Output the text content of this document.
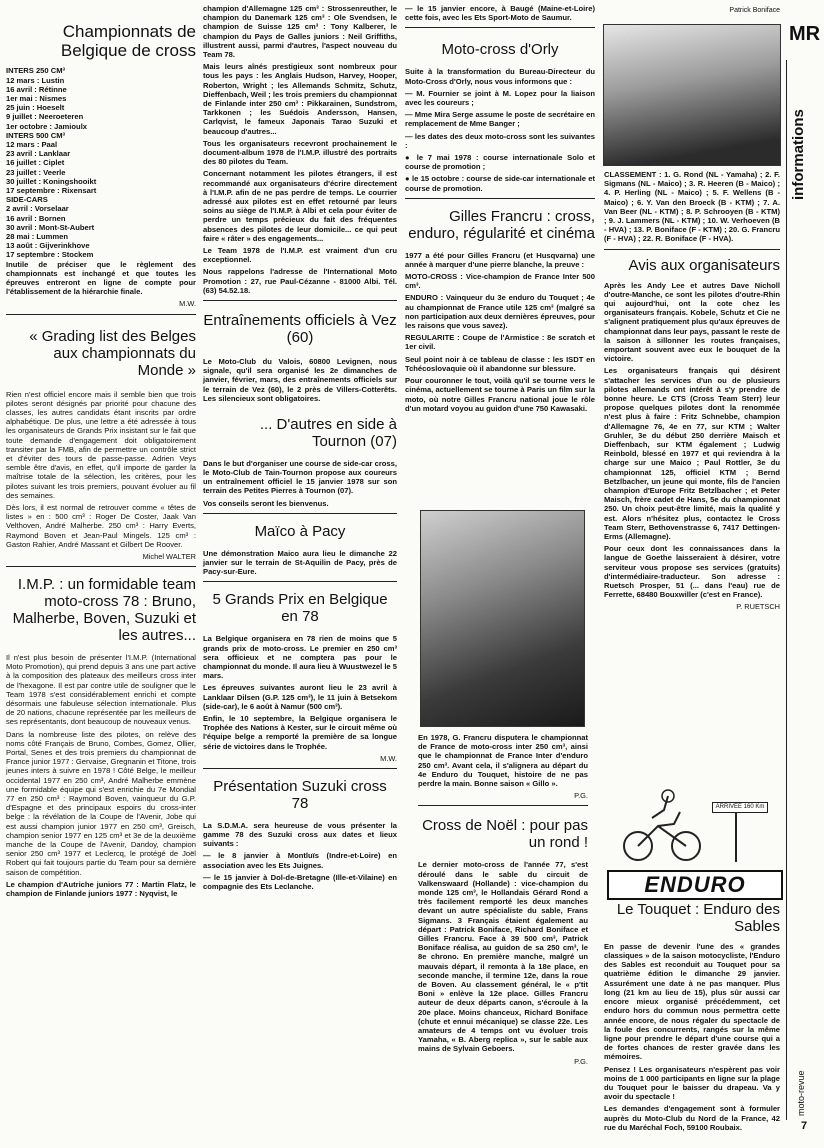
Championnats de Belgique de cross
INTERS 250 CM³
12 mars : Lustin
16 avril : Rétinne
1er mai : Nismes
25 juin : Hoeselt
9 juillet : Neeroeteren
1er octobre : Jamioulx
INTERS 500 CM³
12 mars : Paal
23 avril : Lanklaar
16 juillet : Ciplet
23 juillet : Veerle
30 juillet : Koningshooikt
17 septembre : Rixensart
SIDE-CARS
2 avril : Vorselaar
16 avril : Bornen
30 avril : Mont-St-Aubert
28 mai : Lummen
13 août : Gijverinkhove
17 septembre : Stockem

Inutile de préciser que le règlement des championnats est inchangé et que toutes les épreuves entreront en ligne de compte pour l'établissement de la hiérarchie finale.

M.W.
« Grading list des Belges aux championnats du Monde »

Rien n'est officiel encore mais il semble bien que trois pilotes seront désignés par priorité pour chacune des classes, les autres candidats étant inscrits par ordre alphabétique. De plus, une lettre a été adressée à tous les organisateurs de Grands Prix insistant sur le fait que toute demande d'engagement doit obligatoirement transiter par la FMB, afin de permettre un contrôle strict et d'éviter des tours de passe-passe. Adrien Veys semble être d'avis, en effet, qu'il importe de garder la maîtrise totale de la sélection, les critères, pour les pilotes suivant les trois premiers, pouvant évoluer au fil des semaines.

Dès lors, il est normal de retrouver comme « têtes de listes » en : 500 cm³ : Roger De Coster, Jaak Van Velthoven, André Malherbe. 250 cm³ : Harry Everts, Raymond Boven et Jean-Paul Mingels. 125 cm³ : Gaston Rahier, André Massant et Gilbert De Roover.

Michel WALTER
I.M.P. : un formidable team moto-cross 78 : Bruno, Malherbe, Boven, Suzuki et les autres...

Il n'est plus besoin de présenter l'I.M.P. (International Moto Promotion), qui prend depuis 3 ans une part active à la composition des plateaux des meilleurs cross inter de l'hexagone. Il est par contre utile de souligner que le Team 1978 s'est considérablement enrichi et compte désormais une fabuleuse sélection internationale. Plus de 20 nations, chacune représentée par les meilleurs de ses représentants, dont beaucoup de nouveaux venus.

Dans la nombreuse liste des pilotes, on relève des noms côté Français de Bruno, Combes, Gomez, Ollier, Portal, Senes et des trois premiers du championnat de France junior 1977 : Gervaise, Gregnanin et Titone, trois jeunes inters à suivre en 1978 ! Côté Belge, le meilleur occidental 1977 en 250 cm³, André Malherbe emmène une formidable équipe qui s'est enrichie du 7e Mondial 77 en 250 cm³ : Raymond Boven, vainqueur du G.P. d'Espagne et des principaux espoirs du cross-inter belge : la révélation de la Coupe de l'Avenir, Jobe qui est aussi champion junior 1977 en 250 cm³, Greisch, champion senior 1977 en 125 cm³ et 3e de la deuxième manche de la Coupe de l'Avenir, Dandoy, champion senior 250 cm³ 1977 et Leclercq, le protégé de Joël Robert qui fait toujours partie du Team pour sa dernière saison de compétition.

Le champion d'Autriche juniors 77 : Martin Flatz, le champion de Finlande juniors 1977 : Nyqvist, le

champion d'Allemagne 125 cm³ : Strossenreuther, le champion du Danemark 125 cm³ : Ole Svendsen, le champion de Suisse 125 cm³ : Tony Kalberer, le champion du Pays de Galles juniors : Neil Griffiths, illustrent aussi, parmi d'autres, l'aspect nouveau du Team 78.

Mais leurs aînés prestigieux sont nombreux pour tous les pays : les Anglais Hudson, Harvey, Hooper, Roberton, Wright ; les Allemands Schmitz, Schutz, Dieffenbach, Weil ; les trois premiers du championnat de Finlande inter 250 cm³ : Pikkarainen, Sundstrom, Tarkkonen ; les Suédois Andersson, Hansen, Carlqvist, le fameux Japonais Tarao Suzuki et beaucoup d'autres...

Tous les organisateurs recevront prochainement le document-album 1978 de l'I.M.P. illustré des portraits des 80 pilotes du Team.

Concernant notamment les pilotes étrangers, il est recommandé aux organisateurs d'écrire directement à l'I.M.P. afin de ne pas perdre de temps. Le courrier adressé aux pilotes est en effet retourné par leurs soins au siège de l'I.M.P. à Albi et cela pour éviter de perdre un temps précieux du fait des fréquentes absences des pilotes de leur domicile... ce qui peut faire « râter » des engagements...

Le Team 1978 de l'I.M.P. est vraiment d'un cru exceptionnel.

Nous rappelons l'adresse de l'International Moto Promotion : 27, rue Paul-Cézanne - 81000 Albi. Tél. (63) 54.52.18.

Entraînements officiels à Vez (60)

Le Moto-Club du Valois, 60800 Levignen, nous signale, qu'il sera organisé les 2e dimanches de janvier, février, mars, des entraînements officiels sur le terrain de Vez (60), le 2 près de Villers-Cotterêts. Les silencieux sont obligatoires.

... D'autres en side à Tournon (07)

Dans le but d'organiser une course de side-car cross, le Moto-Club de Tain-Tournon propose aux coureurs un entraînement officiel le 15 janvier 1978 sur son terrain des Petites Pierres à Tournon (07).

Vos conseils seront les bienvenus.

Maïco à Pacy

Une démonstration Maico aura lieu le dimanche 22 janvier sur le terrain de St-Aquilin de Pacy, près de Pacy-sur-Eure.

5 Grands Prix en Belgique en 78

La Belgique organisera en 78 rien de moins que 5 grands prix de moto-cross. Le premier en 250 cm³ sera officieux et ne comptera pas pour le championnat du monde. Il aura lieu à Wuustwezel le 5 mars.

Les épreuves suivantes auront lieu le 23 avril à Lanklaar Dilsen (G.P. 125 cm³), le 11 juin à Betsekom (side-car), le 6 août à Namur (500 cm³).

Enfin, le 10 septembre, la Belgique organisera le Trophée des Nations à Kester, sur le circuit même où l'équipe belge a remporté la première de sa longue série de victoires dans le Trophée.

M.W.
Présentation Suzuki cross 78

La S.D.M.A. sera heureuse de vous présenter la gamme 78 des Suzuki cross aux dates et lieux suivants :

— le 8 janvier à Montluïs (Indre-et-Loire) en association avec les Ets Juignes.

— le 15 janvier à Dol-de-Bretagne (Ille-et-Vilaine) en compagnie des Ets Leclanche.

— le 15 janvier encore, à Baugé (Maine-et-Loire) cette fois, avec les Ets Sport-Moto de Saumur.

Moto-cross d'Orly

Suite à la transformation du Bureau-Directeur du Moto-Cross d'Orly, nous vous informons que :

— M. Fournier se joint à M. Lopez pour la liaison avec les coureurs ;

— Mme Mira Serge assume le poste de secrétaire en remplacement de Mme Banger ;

— les dates des deux moto-cross sont les suivantes :

● le 7 mai 1978 : course internationale Solo et course de promotion ;

● le 15 octobre : course de side-car internationale et course de promotion.

Gilles Francru : cross, enduro, régularité et cinéma

1977 a été pour Gilles Francru (et Husqvarna) une année à marquer d'une pierre blanche, la preuve :

MOTO-CROSS : Vice-champion de France Inter 500 cm³.

ENDURO : Vainqueur du 3e enduro du Touquet ; 4e au championnat de France utile 125 cm³ (malgré sa non participation aux deux dernières épreuves, pour les raisons que vous savez).

REGULARITE : Coupe de l'Armistice : 8e scratch et 1er civil.

Seul point noir à ce tableau de classe : les ISDT en Tchécoslovaquie où il abandonne sur blessure.

Pour couronner le tout, voilà qu'il se tourne vers le cinéma, actuellement se tourne à Paris un film sur la moto, où notre Gilles Francru national joue le rôle d'un motard voyou au guidon d'une 750 Kawasaki.

En 1978, G. Francru disputera le championnat de France de moto-cross inter 250 cm³, ainsi que le championnat de France Inter d'enduro 250 cm³. Avant cela, il s'alignera au départ du 4e Enduro du Touquet, histoire de ne pas perdre la main. Bonne saison « Gillo ».

P.G.
Cross de Noël : pour pas un rond !

Le dernier moto-cross de l'année 77, s'est déroulé dans le sable du circuit de Valkenswaard (Hollande) : vice-champion du monde 125 cm³, le Hollandais Gérard Rond a très facilement remporté les deux manches devant un autre spécialiste du sable, Frans Sigmans. 3 Français étaient également au départ : Patrick Boniface, Richard Boniface et Gilles Francru. Face à 39 500 cm³, Patrick Boniface réalisa, au guidon de sa 250 cm³, le 8e chrono. En première manche, malgré un mauvais départ, il remonta à la 18e place, en seconde manche, il termine 12e, dans la roue de Boven. Au classement général, le « p'tit Boni » enlève la 12e place. Gilles Francru auteur de deux départs canon, s'écroule à la 20e place. Moins chanceux, Richard Boniface (chute et ennui mécanique) se classe 22e. Les amateurs de 4 temps ont vu évoluer trois Yamaha, « B. Aberg replica », sur le sable aux mains de Sylvain Geboers.

P.G.
Patrick Boniface

CLASSEMENT : 1. G. Rond (NL - Yamaha) ; 2. F. Sigmans (NL - Maico) ; 3. R. Heeren (B - Maico) ; 4. P. Herling (NL - Maico) ; 5. F. Wellens (B - Maico) ; 6. Y. Van den Broeck (B - KTM) ; 7. A. Van Beer (NL - KTM) ; 8. P. Schrooyen (B - KTM) ; 9. J. Lammers (NL - KTM) ; 10. W. Verhoeven (B - HVA) ; 13. P. Boniface (F - KTM) ; 20. G. Francru (F - HVA) ; 22. R. Boniface (F - HVA).

Avis aux organisateurs

Après les Andy Lee et autres Dave Nicholl d'outre-Manche, ce sont les pilotes d'outre-Rhin qui aujourd'hui, ont la cote chez les organisateurs français. Kobele, Schutz et Cie ne s'alignent pratiquement plus qu'aux épreuves de championnat dans leur pays, passant le reste de la saison à sillonner les routes françaises, emportant souvent avec eux le bouquet de la victoire.

Les organisateurs français qui désirent s'attacher les services d'un ou de plusieurs pilotes allemands ont intérêt à s'y prendre de bonne heure. Le CTS (Cross Team Sterr) leur propose quelques pilotes dont la renommée n'est plus à faire : Fritz Schnebbe, champion d'Allemagne 76, 4e en 77, sur KTM ; Walter Gruhler, 3e du début 250 derrière Maisch et Dieffenbach, sur KTM également ; Ludwig Reinbold, blessé en 1977 et qui reviendra à la charge sur une Maico ; Paul Rottler, 3e du championnat 125, officiel KTM ; Bernd Betzlbacher, un jeune qui monte, fils de l'ancien champion d'Europe Fritz Betzlbacher ; et Peter Maisch, frère cadet de Hans, 5e du championnat 250. Un choix peut-être limité, mais la qualité y est. Alors n'hésitez plus, contactez le Cross Team Sterr, Bethovenstrasse 6, 7417 Dettingen-Erms (Allemagne).

Pour ceux dont les connaissances dans la langue de Goethe laisseraient à désirer, votre serviteur vous propose ses services (gratuits) d'intermédiaire-traducteur. Son adresse : Ruetsch Prosper, 51 (... dans l'eau) rue de Ferrette, 68480 Bouxwiller (c'est en France).

P. RUETSCH
ARRIVÉE 160 Km
ENDURO
Le Touquet : Enduro des Sables

En passe de devenir l'une des « grandes classiques » de la saison motocycliste, l'Enduro des Sables est reconduit au Touquet pour sa quatrième édition le dimanche 29 janvier. Assurément une date à ne pas manquer. Plus long (21 km au lieu de 15), plus sûr aussi car encore mieux organisé précédemment, cet enduro hors du commun nous permettra cette année encore, de nous régaler du spectacle de la foule des concurrents, rangés sur la même ligne pour prendre le départ d'une course qui a de fortes chances de rester gravée dans les mémoires.

Pensez ! Les organisateurs n'espèrent pas voir moins de 1 000 participants en ligne sur la plage du Touquet pour le baisser du drapeau. Va y avoir du spectacle !

Les demandes d'engagement sont à formuler auprès du Moto-Club du Nord de la France, 42 rue du Maréchal Foch, 59100 Roubaix.

MR
informations
moto-revue
7
